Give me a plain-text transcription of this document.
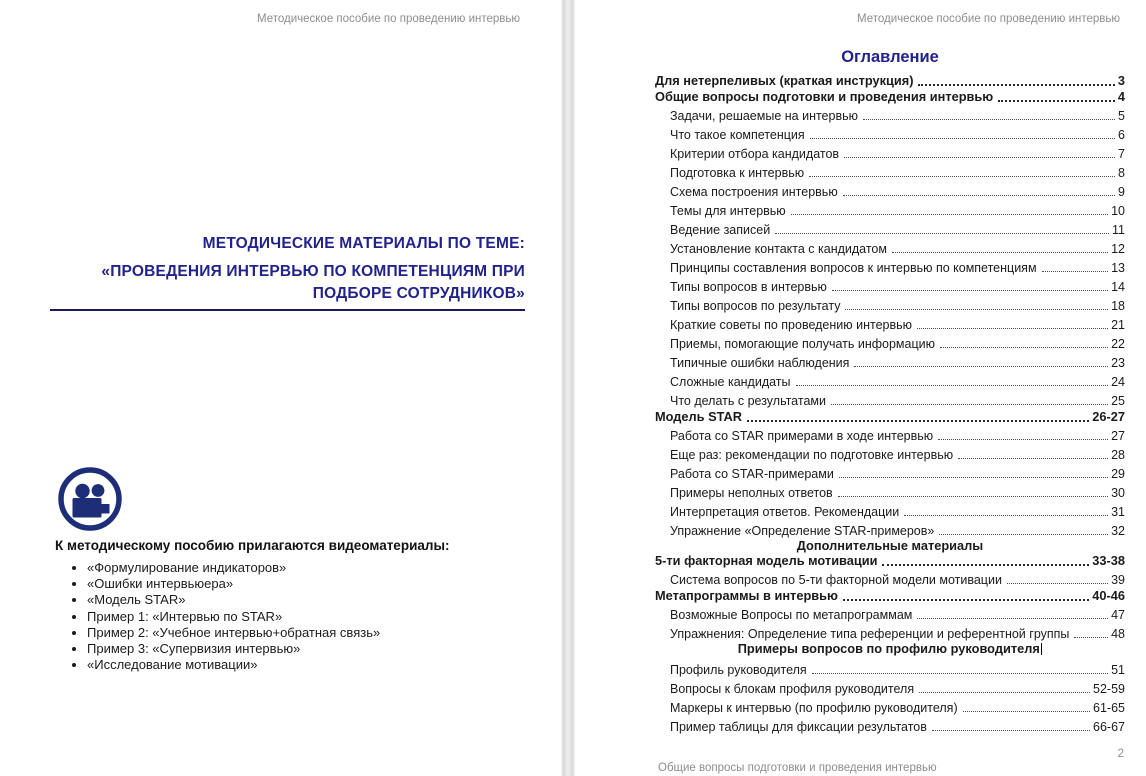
Методическое пособие по проведению интервью
МЕТОДИЧЕСКИЕ МАТЕРИАЛЫ ПО ТЕМЕ:
«ПРОВЕДЕНИЯ ИНТЕРВЬЮ ПО КОМПЕТЕНЦИЯМ ПРИ
ПОДБОРЕ СОТРУДНИКОВ»
К методическому пособию прилагаются видеоматериалы:
• «Формулирование индикаторов»
• «Ошибки интервьюера»
• «Модель STAR»
• Пример 1: «Интервью по STAR»
• Пример 2: «Учебное интервью+обратная связь»
• Пример 3: «Супервизия интервью»
• «Исследование мотивации»
Методическое пособие по проведению интервью
Оглавление
Для нетерпеливых (краткая инструкция)	3
Общие вопросы подготовки и проведения интервью	4
Задачи, решаемые на интервью	5
Что такое компетенция	6
Критерии отбора кандидатов	7
Подготовка к интервью	8
Схема построения интервью	9
Темы для интервью	10
Ведение записей	11
Установление контакта с кандидатом	12
Принципы составления вопросов к интервью по компетенциям	13
Типы вопросов в интервью	14
Типы вопросов по результату	18
Краткие советы по проведению интервью	21
Приемы, помогающие получать информацию	22
Типичные ошибки наблюдения	23
Сложные кандидаты	24
Что делать с результатами	25
Модель STAR	26-27
Работа со STAR примерами в ходе интервью	27
Еще раз: рекомендации по подготовке интервью	28
Работа со STAR-примерами	29
Примеры неполных ответов	30
Интерпретация ответов. Рекомендации	31
Упражнение «Определение STAR-примеров»	32
Дополнительные материалы
5-ти факторная модель мотивации	33-38
Система вопросов по 5-ти факторной модели мотивации	39
Метапрограммы в интервью	40-46
Возможные Вопросы по метапрограммам	47
Упражнения: Определение типа референции и референтной группы	48
Примеры вопросов по профилю руководителя
Профиль руководителя	51
Вопросы к блокам профиля руководителя	52-59
Маркеры к интервью (по профилю руководителя)	61-65
Пример таблицы для фиксации результатов	66-67
2
Общие вопросы подготовки и проведения интервью
